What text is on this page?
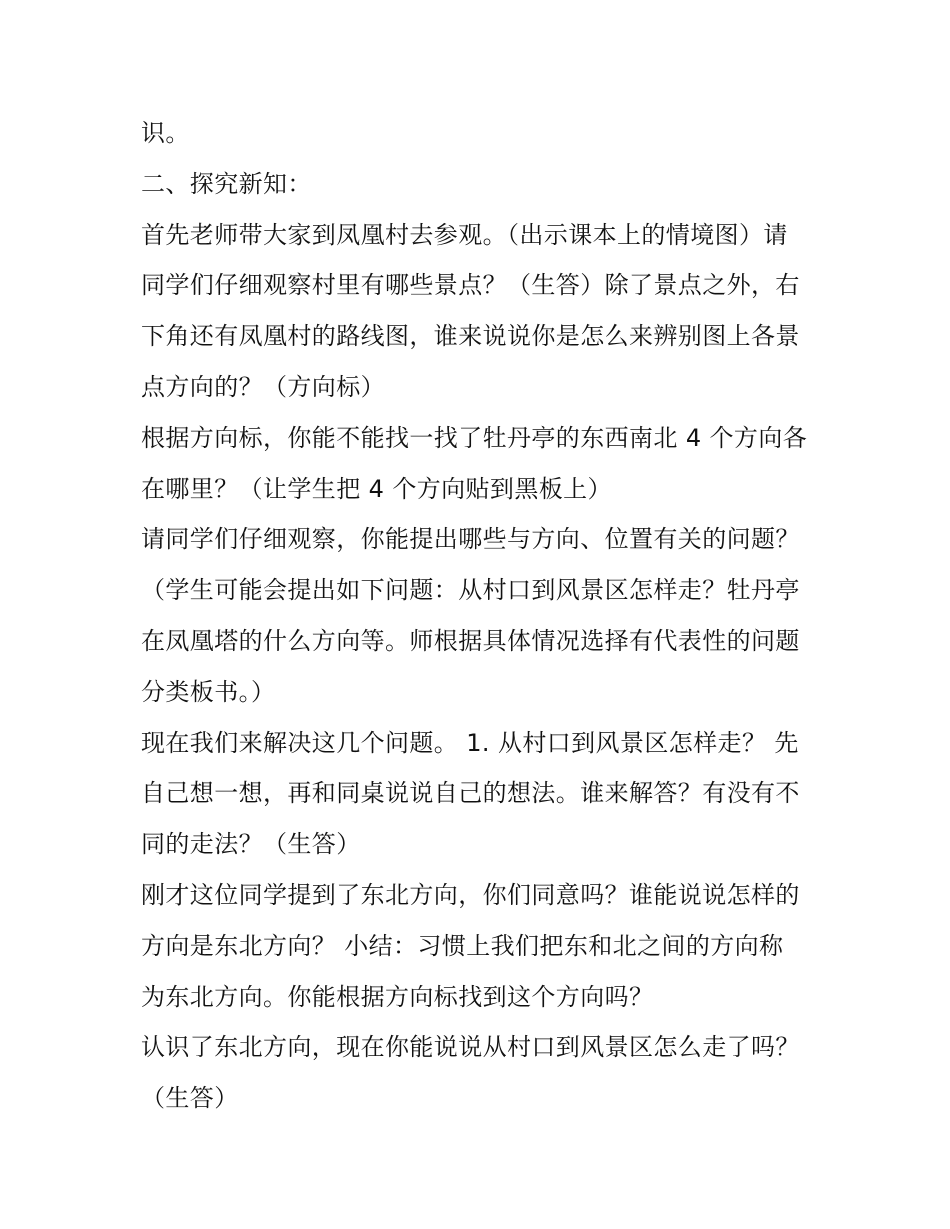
识。
二、探究新知：
首先老师带大家到凤凰村去参观。（出示课本上的情境图）请
同学们仔细观察村里有哪些景点？（生答）除了景点之外，右
下角还有凤凰村的路线图，谁来说说你是怎么来辨别图上各景
点方向的？（方向标）
根据方向标，你能不能找一找了牡丹亭的东西南北 4 个方向各
在哪里？（让学生把 4 个方向贴到黑板上）
请同学们仔细观察，你能提出哪些与方向、位置有关的问题？
（学生可能会提出如下问题：从村口到风景区怎样走？牡丹亭
在凤凰塔的什么方向等。师根据具体情况选择有代表性的问题
分类板书。）
现在我们来解决这几个问题。 1. 从村口到风景区怎样走？ 先
自己想一想，再和同桌说说自己的想法。谁来解答？有没有不
同的走法？（生答）
刚才这位同学提到了东北方向，你们同意吗？谁能说说怎样的
方向是东北方向？ 小结：习惯上我们把东和北之间的方向称
为东北方向。你能根据方向标找到这个方向吗？
认识了东北方向，现在你能说说从村口到风景区怎么走了吗？
（生答）
